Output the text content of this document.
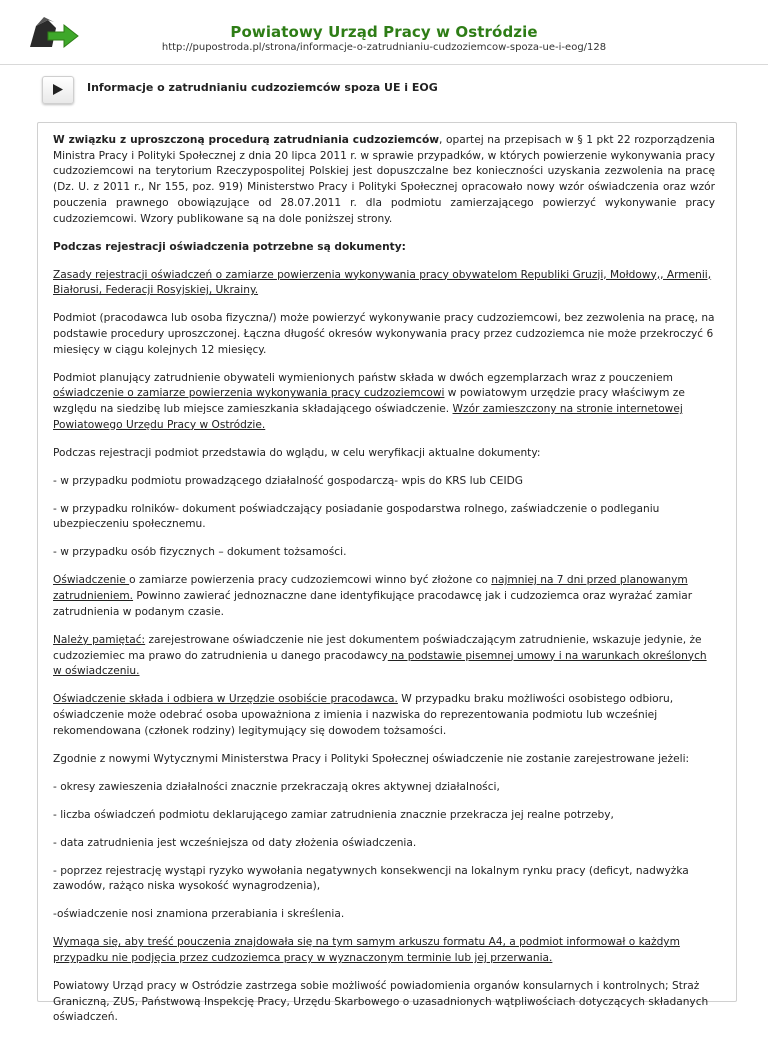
Powiatowy Urząd Pracy w Ostródzie
http://pupostroda.pl/strona/informacje-o-zatrudnianiu-cudzoziemcow-spoza-ue-i-eog/128
Informacje o zatrudnianiu cudzoziemców spoza UE i EOG

W związku z uproszczoną procedurą zatrudniania cudzoziemców, opartej na przepisach w § 1 pkt 22 rozporządzenia Ministra Pracy i Polityki Społecznej z dnia 20 lipca 2011 r. w sprawie przypadków, w których powierzenie wykonywania pracy cudzoziemcowi na terytorium Rzeczypospolitej Polskiej jest dopuszczalne bez konieczności uzyskania zezwolenia na pracę (Dz. U. z 2011 r., Nr 155, poz. 919) Ministerstwo Pracy i Polityki Społecznej opracowało nowy wzór oświadczenia oraz wzór pouczenia prawnego obowiązujące od 28.07.2011 r. dla podmiotu zamierzającego powierzyć wykonywanie pracy cudzoziemcowi. Wzory publikowane są na dole poniższej strony.

Podczas rejestracji oświadczenia potrzebne są dokumenty:

Zasady rejestracji oświadczeń o zamiarze powierzenia wykonywania pracy obywatelom Republiki Gruzji, Mołdowy,, Armenii, Białorusi, Federacji Rosyjskiej, Ukrainy.

Podmiot (pracodawca lub osoba fizyczna/) może powierzyć wykonywanie pracy cudzoziemcowi, bez zezwolenia na pracę, na podstawie procedury uproszczonej. Łączna długość okresów wykonywania pracy przez cudzoziemca nie może przekroczyć 6 miesięcy w ciągu kolejnych 12 miesięcy.

Podmiot planujący zatrudnienie obywateli wymienionych państw składa w dwóch egzemplarzach wraz z pouczeniem oświadczenie o zamiarze powierzenia wykonywania pracy cudzoziemcowi w powiatowym urzędzie pracy właściwym ze względu na siedzibę lub miejsce zamieszkania składającego oświadczenie. Wzór zamieszczony na stronie internetowej Powiatowego Urzędu Pracy w Ostródzie.

Podczas rejestracji podmiot przedstawia do wglądu, w celu weryfikacji aktualne dokumenty:

- w przypadku podmiotu prowadzącego działalność gospodarczą- wpis do KRS lub CEIDG

- w przypadku rolników- dokument poświadczający posiadanie gospodarstwa rolnego, zaświadczenie o podleganiu ubezpieczeniu społecznemu.

- w przypadku osób fizycznych – dokument tożsamości.

Oświadczenie o zamiarze powierzenia pracy cudzoziemcowi winno być złożone co najmniej na 7 dni przed planowanym zatrudnieniem. Powinno zawierać jednoznaczne dane identyfikujące pracodawcę jak i cudzoziemca oraz wyrażać zamiar zatrudnienia w podanym czasie.

Należy pamiętać: zarejestrowane oświadczenie nie jest dokumentem poświadczającym zatrudnienie, wskazuje jedynie, że cudzoziemiec ma prawo do zatrudnienia u danego pracodawcy na podstawie pisemnej umowy i na warunkach określonych w oświadczeniu.

Oświadczenie składa i odbiera w Urzędzie osobiście pracodawca. W przypadku braku możliwości osobistego odbioru, oświadczenie może odebrać osoba upoważniona z imienia i nazwiska do reprezentowania podmiotu lub wcześniej rekomendowana (członek rodziny) legitymujący się dowodem tożsamości.

Zgodnie z nowymi Wytycznymi Ministerstwa Pracy i Polityki Społecznej oświadczenie nie zostanie zarejestrowane jeżeli:

- okresy zawieszenia działalności znacznie przekraczają okres aktywnej działalności,

- liczba oświadczeń podmiotu deklarującego zamiar zatrudnienia znacznie przekracza jej realne potrzeby,

- data zatrudnienia jest wcześniejsza od daty złożenia oświadczenia.

- poprzez rejestrację wystąpi ryzyko wywołania negatywnych konsekwencji na lokalnym rynku pracy (deficyt, nadwyżka zawodów, rażąco niska wysokość wynagrodzenia),

-oświadczenie nosi znamiona przerabiania i skreślenia.

Wymaga się, aby treść pouczenia znajdowała się na tym samym arkuszu formatu A4, a podmiot informował o każdym przypadku nie podjęcia przez cudzoziemca pracy w wyznaczonym terminie lub jej przerwania.

Powiatowy Urząd pracy w Ostródzie zastrzega sobie możliwość powiadomienia organów konsularnych i kontrolnych; Straż Graniczną, ZUS, Państwową Inspekcję Pracy, Urzędu Skarbowego o uzasadnionych wątpliwościach dotyczących składanych oświadczeń.
